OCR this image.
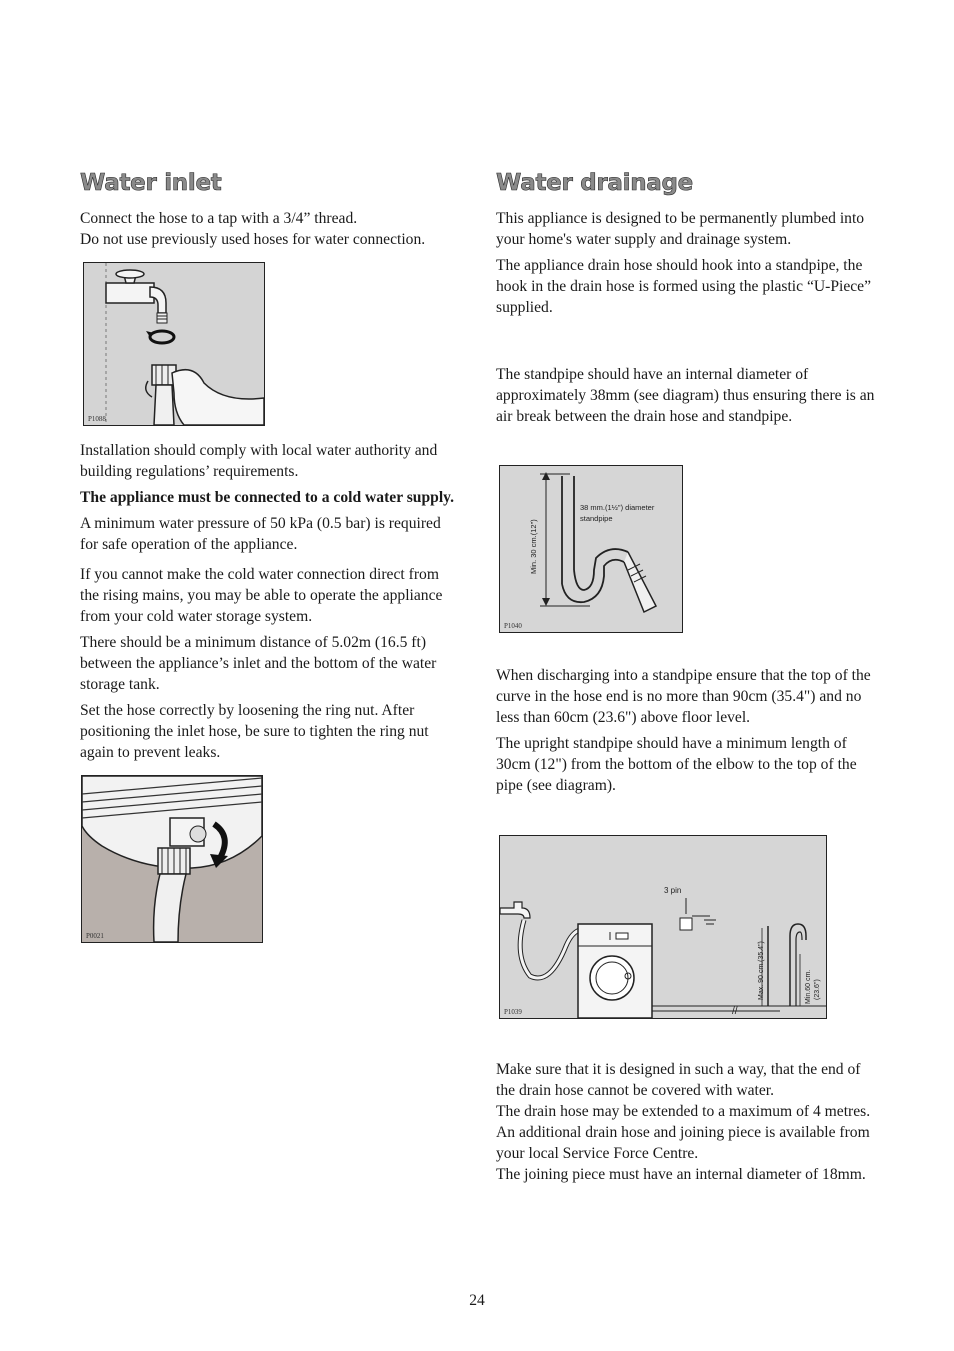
Water inlet

Connect the hose to a tap with a 3/4” thread.
Do not use previously used hoses for water connection.

P1088

Installation should comply with local water authority and building regulations’ requirements.

The appliance must be connected to a cold water supply.

A minimum water pressure of 50 kPa (0.5 bar) is required for safe operation of the appliance.

If you cannot make the cold water connection direct from the rising mains, you may be able to operate the appliance from your cold water storage system.

There should be a minimum distance of 5.02m (16.5 ft) between the appliance’s inlet and the bottom of the water storage tank.

Set the hose correctly by loosening the ring nut. After positioning the inlet hose, be sure to tighten the ring nut again to prevent leaks.

P0021
Water drainage

This appliance is designed to be permanently plumbed into your home's water supply and drainage system.

The appliance drain hose should hook into a standpipe, the hook in the drain hose is formed using the plastic “U-Piece” supplied.

The standpipe should have an internal diameter of approximately 38mm (see diagram) thus ensuring there is an air break between the drain hose and standpipe.

38 mm.(1½") diameter
standpipe
Min. 30 cm.(12")
P1040

When discharging into a standpipe ensure that the top of the curve in the hose end is no more than 90cm (35.4") and no less than 60cm (23.6") above floor level.

The upright standpipe should have a minimum length of 30cm (12") from the bottom of the elbow to the top of the pipe (see diagram).

//
3 pin
Max. 90 cm.(35.4")	Min.60 cm. (23.6")
P1039

Make sure that it is designed in such a way, that the end of the drain hose cannot be covered with water.
The drain hose may be extended to a maximum of 4 metres. An additional drain hose and joining piece is available from your local Service Force Centre.
The joining piece must have an internal diameter of 18mm.

24
